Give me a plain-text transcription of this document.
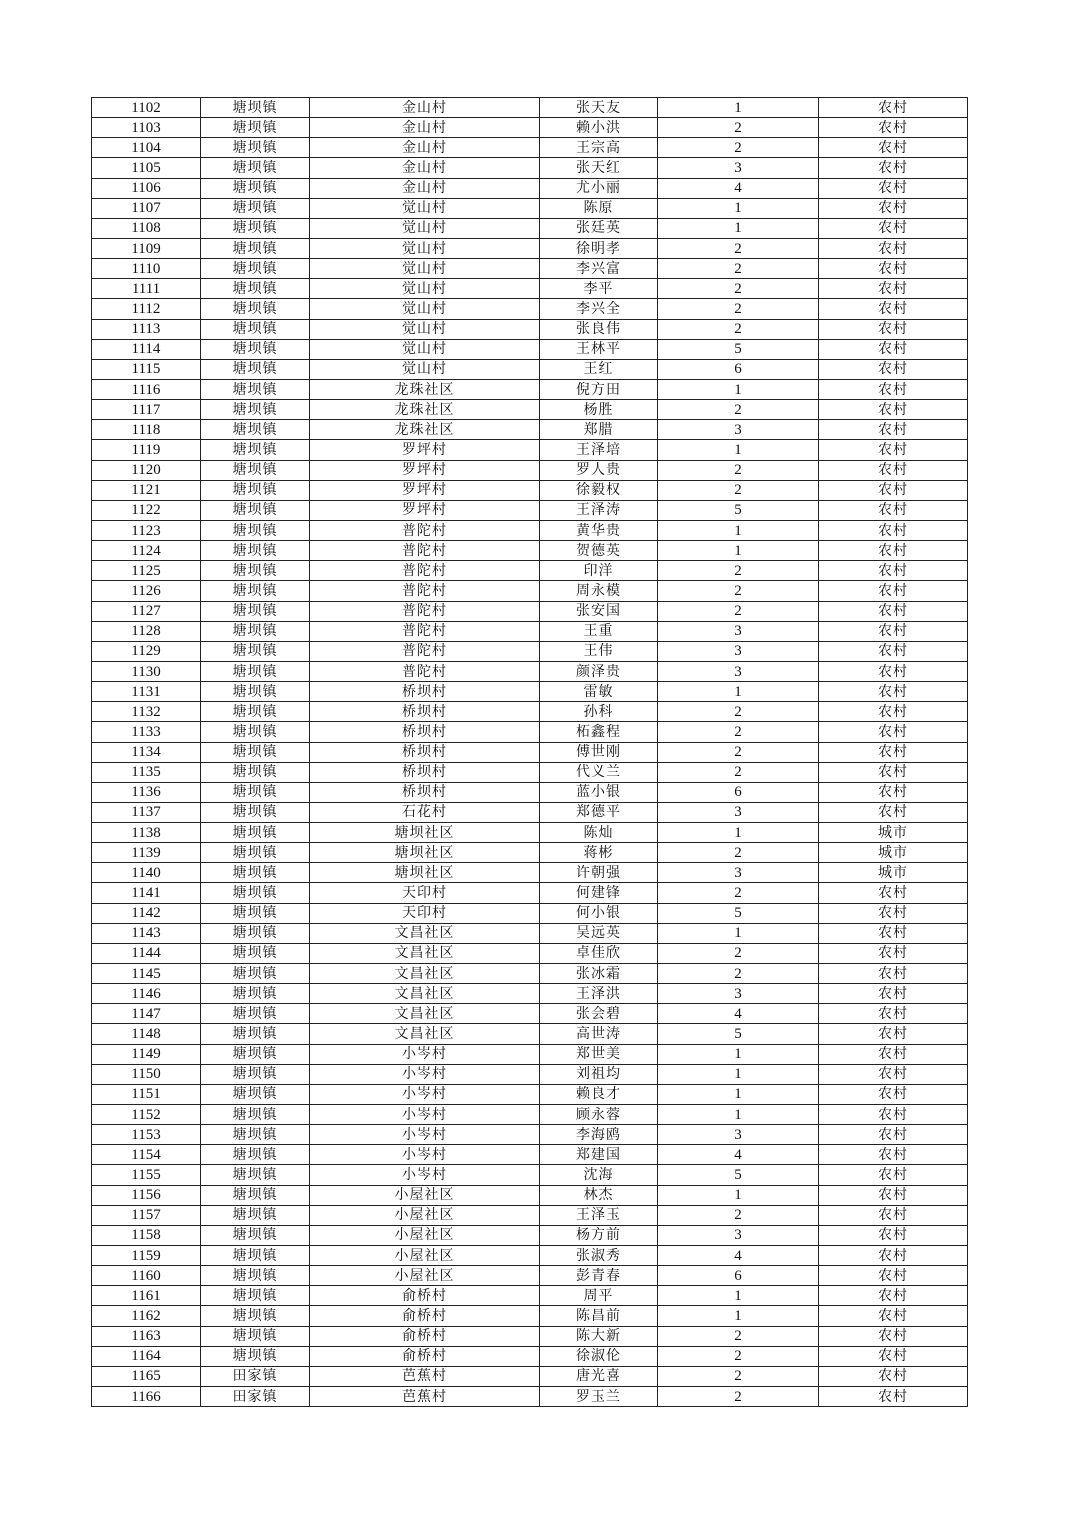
1102	塘坝镇	金山村	张天友	1	农村
1103	塘坝镇	金山村	赖小洪	2	农村
1104	塘坝镇	金山村	王宗高	2	农村
1105	塘坝镇	金山村	张天红	3	农村
1106	塘坝镇	金山村	尤小丽	4	农村
1107	塘坝镇	觉山村	陈原	1	农村
1108	塘坝镇	觉山村	张廷英	1	农村
1109	塘坝镇	觉山村	徐明孝	2	农村
1110	塘坝镇	觉山村	李兴富	2	农村
1111	塘坝镇	觉山村	李平	2	农村
1112	塘坝镇	觉山村	李兴全	2	农村
1113	塘坝镇	觉山村	张良伟	2	农村
1114	塘坝镇	觉山村	王林平	5	农村
1115	塘坝镇	觉山村	王红	6	农村
1116	塘坝镇	龙珠社区	倪方田	1	农村
1117	塘坝镇	龙珠社区	杨胜	2	农村
1118	塘坝镇	龙珠社区	郑腊	3	农村
1119	塘坝镇	罗坪村	王泽培	1	农村
1120	塘坝镇	罗坪村	罗人贵	2	农村
1121	塘坝镇	罗坪村	徐毅权	2	农村
1122	塘坝镇	罗坪村	王泽涛	5	农村
1123	塘坝镇	普陀村	黄华贵	1	农村
1124	塘坝镇	普陀村	贺德英	1	农村
1125	塘坝镇	普陀村	印洋	2	农村
1126	塘坝镇	普陀村	周永模	2	农村
1127	塘坝镇	普陀村	张安国	2	农村
1128	塘坝镇	普陀村	王重	3	农村
1129	塘坝镇	普陀村	王伟	3	农村
1130	塘坝镇	普陀村	颜泽贵	3	农村
1131	塘坝镇	桥坝村	雷敏	1	农村
1132	塘坝镇	桥坝村	孙科	2	农村
1133	塘坝镇	桥坝村	柘鑫程	2	农村
1134	塘坝镇	桥坝村	傅世刚	2	农村
1135	塘坝镇	桥坝村	代义兰	2	农村
1136	塘坝镇	桥坝村	蓝小银	6	农村
1137	塘坝镇	石花村	郑德平	3	农村
1138	塘坝镇	塘坝社区	陈灿	1	城市
1139	塘坝镇	塘坝社区	蒋彬	2	城市
1140	塘坝镇	塘坝社区	许朝强	3	城市
1141	塘坝镇	天印村	何建锋	2	农村
1142	塘坝镇	天印村	何小银	5	农村
1143	塘坝镇	文昌社区	吴远英	1	农村
1144	塘坝镇	文昌社区	卓佳欣	2	农村
1145	塘坝镇	文昌社区	张冰霜	2	农村
1146	塘坝镇	文昌社区	王泽洪	3	农村
1147	塘坝镇	文昌社区	张会碧	4	农村
1148	塘坝镇	文昌社区	高世涛	5	农村
1149	塘坝镇	小岑村	郑世美	1	农村
1150	塘坝镇	小岑村	刘祖均	1	农村
1151	塘坝镇	小岑村	赖良才	1	农村
1152	塘坝镇	小岑村	顾永蓉	1	农村
1153	塘坝镇	小岑村	李海鸥	3	农村
1154	塘坝镇	小岑村	郑建国	4	农村
1155	塘坝镇	小岑村	沈海	5	农村
1156	塘坝镇	小屋社区	林杰	1	农村
1157	塘坝镇	小屋社区	王泽玉	2	农村
1158	塘坝镇	小屋社区	杨方前	3	农村
1159	塘坝镇	小屋社区	张淑秀	4	农村
1160	塘坝镇	小屋社区	彭青春	6	农村
1161	塘坝镇	俞桥村	周平	1	农村
1162	塘坝镇	俞桥村	陈昌前	1	农村
1163	塘坝镇	俞桥村	陈大新	2	农村
1164	塘坝镇	俞桥村	徐淑伦	2	农村
1165	田家镇	芭蕉村	唐光喜	2	农村
1166	田家镇	芭蕉村	罗玉兰	2	农村
